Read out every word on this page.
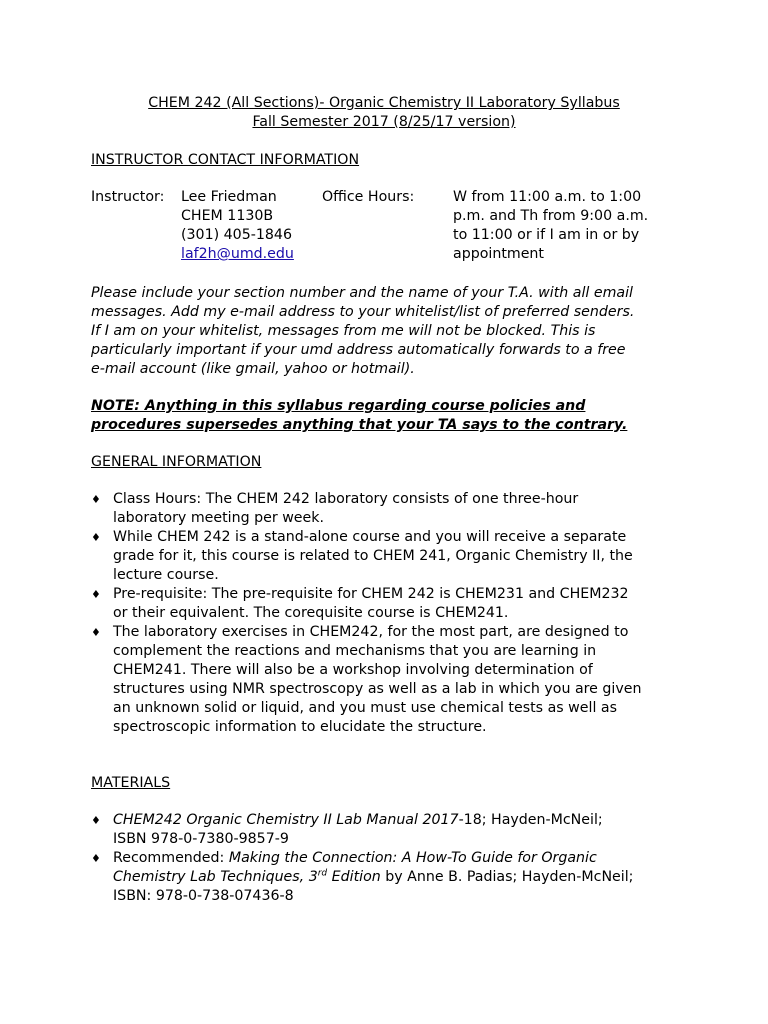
CHEM 242 (All Sections)- Organic Chemistry II Laboratory Syllabus
Fall Semester 2017 (8/25/17 version)
INSTRUCTOR CONTACT INFORMATION
Instructor: Lee Friedman
CHEM 1130B
(301) 405-1846
laf2h@umd.edu
Office Hours:	W from 11:00 a.m. to 1:00
p.m. and Th from 9:00 a.m.
to 11:00 or if I am in or by
appointment
Please include your section number and the name of your T.A. with all email
messages. Add my e-mail address to your whitelist/list of preferred senders.
If I am on your whitelist, messages from me will not be blocked. This is
particularly important if your umd address automatically forwards to a free
e-mail account (like gmail, yahoo or hotmail).
NOTE: Anything in this syllabus regarding course policies and
procedures supersedes anything that your TA says to the contrary.
GENERAL INFORMATION
♦ Class Hours: The CHEM 242 laboratory consists of one three-hour
laboratory meeting per week.
♦ While CHEM 242 is a stand-alone course and you will receive a separate
grade for it, this course is related to CHEM 241, Organic Chemistry II, the
lecture course.
♦ Pre-requisite: The pre-requisite for CHEM 242 is CHEM231 and CHEM232
or their equivalent. The corequisite course is CHEM241.
♦ The laboratory exercises in CHEM242, for the most part, are designed to
complement the reactions and mechanisms that you are learning in
CHEM241. There will also be a workshop involving determination of
structures using NMR spectroscopy as well as a lab in which you are given
an unknown solid or liquid, and you must use chemical tests as well as
spectroscopic information to elucidate the structure.
MATERIALS
♦ CHEM242 Organic Chemistry II Lab Manual 2017-18; Hayden-McNeil;
ISBN 978-0-7380-9857-9
♦ Recommended: Making the Connection: A How-To Guide for Organic
Chemistry Lab Techniques, 3rd Edition by Anne B. Padias; Hayden-McNeil;
ISBN: 978-0-738-07436-8
